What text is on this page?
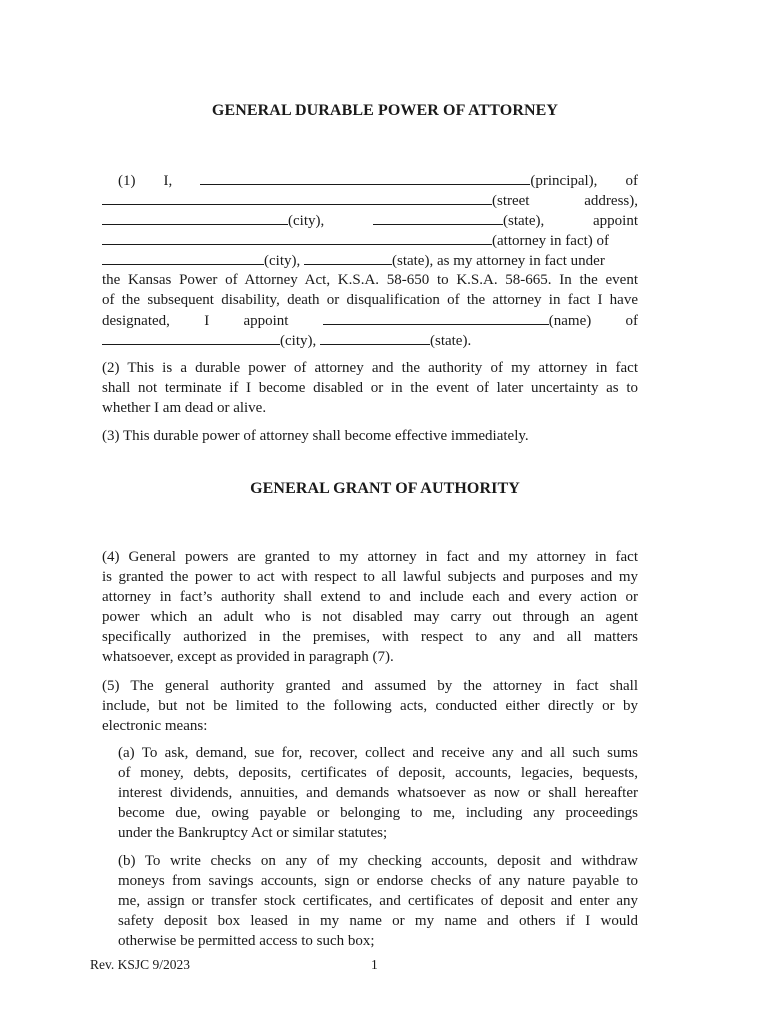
GENERAL DURABLE POWER OF ATTORNEY
(1) I,	(principal), of
(street	address),
(city),	(state),	appoint
(attorney in fact) of
(city),	(state), as my attorney in fact under
the Kansas Power of Attorney Act, K.S.A. 58-650 to K.S.A. 58-665. In the event
of the subsequent disability, death or disqualification of the attorney in fact I have
designated, I appoint	(name) of
(city),	(state).
(2) This is a durable power of attorney and the authority of my attorney in fact
shall not terminate if I become disabled or in the event of later uncertainty as to
whether I am dead or alive.
(3) This durable power of attorney shall become effective immediately.
GENERAL GRANT OF AUTHORITY
(4) General powers are granted to my attorney in fact and my attorney in fact
is granted the power to act with respect to all lawful subjects and purposes and my
attorney in fact’s authority shall extend to and include each and every action or
power which an adult who is not disabled may carry out through an agent
specifically authorized in the premises, with respect to any and all matters
whatsoever, except as provided in paragraph (7).
(5) The general authority granted and assumed by the attorney in fact shall
include, but not be limited to the following acts, conducted either directly or by
electronic means:
(a) To ask, demand, sue for, recover, collect and receive any and all such sums
of money, debts, deposits, certificates of deposit, accounts, legacies, bequests,
interest dividends, annuities, and demands whatsoever as now or shall hereafter
become due, owing payable or belonging to me, including any proceedings
under the Bankruptcy Act or similar statutes;
(b) To write checks on any of my checking accounts, deposit and withdraw
moneys from savings accounts, sign or endorse checks of any nature payable to
me, assign or transfer stock certificates, and certificates of deposit and enter any
safety deposit box leased in my name or my name and others if I would
otherwise be permitted access to such box;
Rev. KSJC 9/2023	1
